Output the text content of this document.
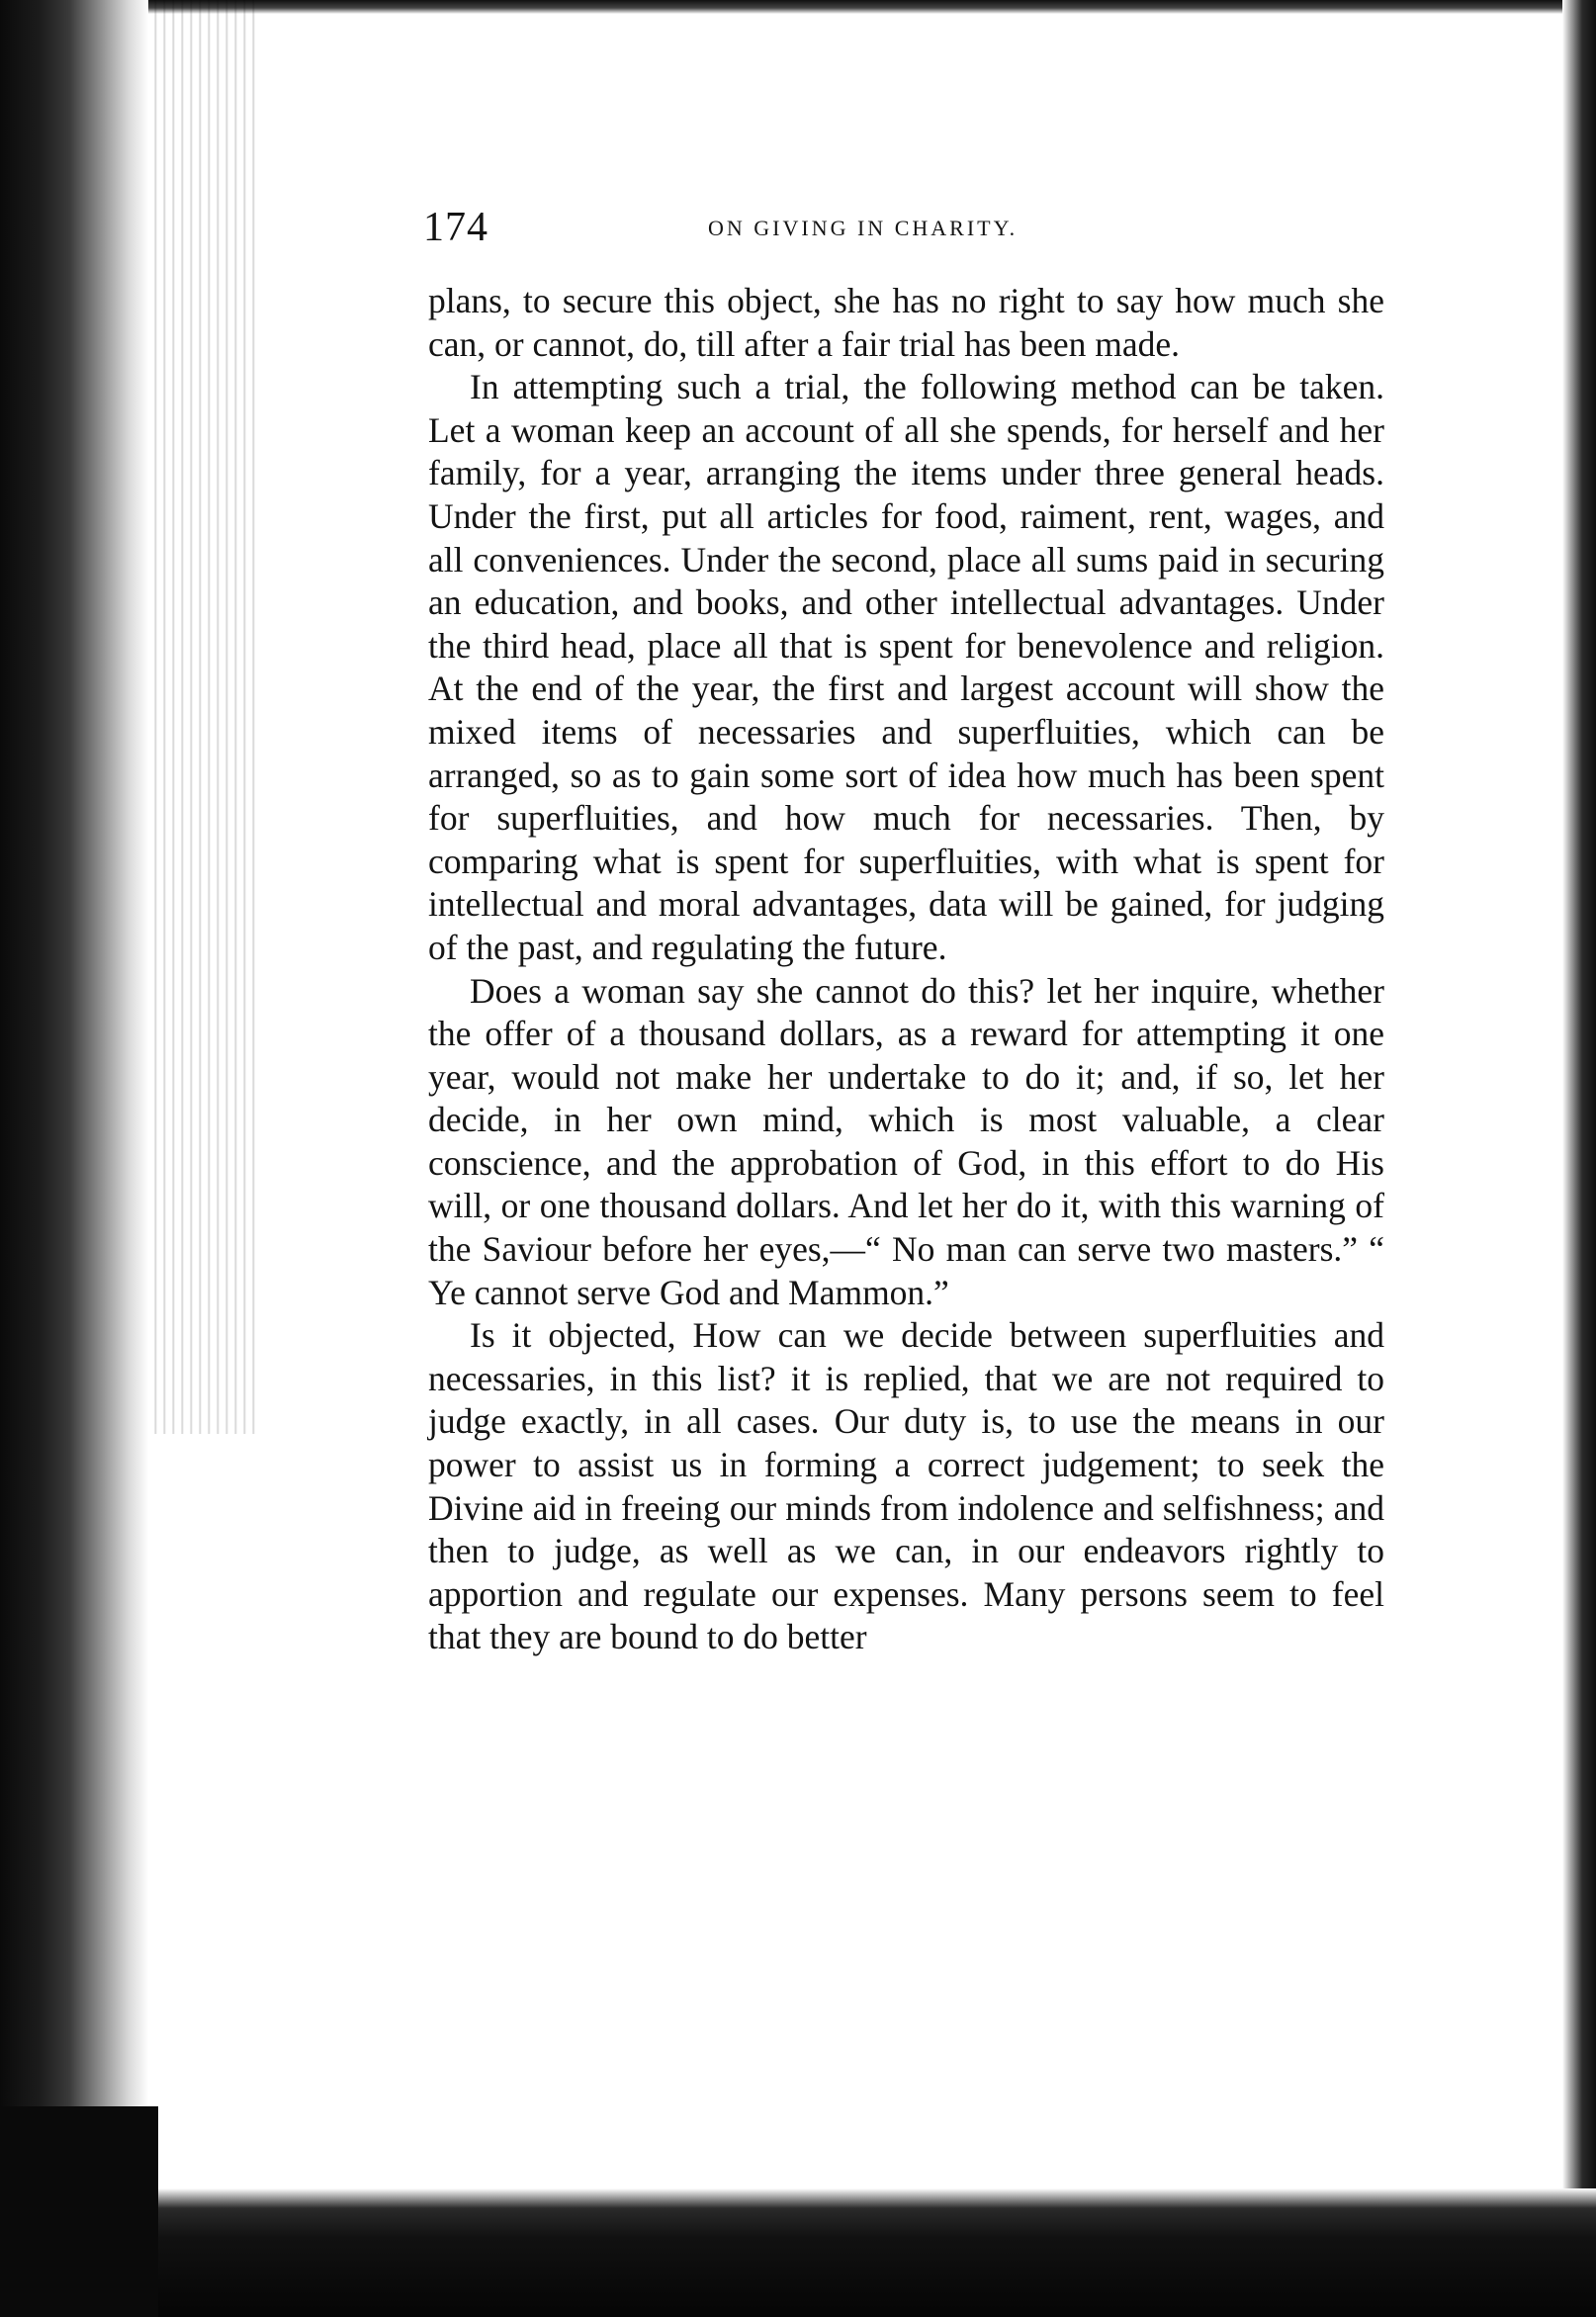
174	ON GIVING IN CHARITY.

plans, to secure this object, she has no right to say how much she can, or cannot, do, till after a fair trial has been made.

In attempting such a trial, the following method can be taken. Let a woman keep an account of all she spends, for herself and her family, for a year, arranging the items under three general heads. Under the first, put all articles for food, raiment, rent, wages, and all conveniences. Under the second, place all sums paid in securing an education, and books, and other intellectual advantages. Under the third head, place all that is spent for benevolence and religion. At the end of the year, the first and largest account will show the mixed items of necessaries and superfluities, which can be arranged, so as to gain some sort of idea how much has been spent for superfluities, and how much for necessaries. Then, by comparing what is spent for superfluities, with what is spent for intellectual and moral advantages, data will be gained, for judging of the past, and regulating the future.

Does a woman say she cannot do this? let her inquire, whether the offer of a thousand dollars, as a reward for attempting it one year, would not make her undertake to do it; and, if so, let her decide, in her own mind, which is most valuable, a clear conscience, and the approbation of God, in this effort to do His will, or one thousand dollars. And let her do it, with this warning of the Saviour before her eyes,—“ No man can serve two masters.” “ Ye cannot serve God and Mammon.”

Is it objected, How can we decide between superfluities and necessaries, in this list? it is replied, that we are not required to judge exactly, in all cases. Our duty is, to use the means in our power to assist us in forming a correct judgement; to seek the Divine aid in freeing our minds from indolence and selfishness; and then to judge, as well as we can, in our endeavors rightly to apportion and regulate our expenses. Many persons seem to feel that they are bound to do better
